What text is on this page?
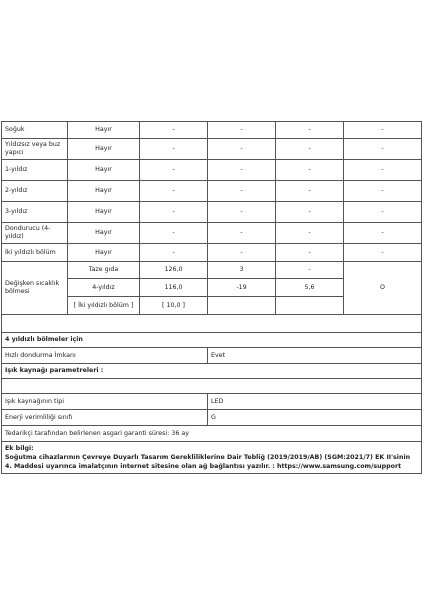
Soğuk	Hayır	-	-	-	-
Yıldızsız veya buz yapıcı	Hayır	-	-	-	-
1-yıldız	Hayır	-	-	-	-
2-yıldız	Hayır	-	-	-	-
3-yıldız	Hayır	-	-	-	-
Dondurucu (4-yıldız)	Hayır	-	-	-	-
İki yıldızlı bölüm	Hayır	-	-	-	-
Değişken sıcaklık bölmesi	Taze gıda	126,0	3	-	O
	4-yıldız	116,0	-19	5,6	
	[ İki yıldızlı bölüm ]	[ 10,0 ]			

4 yıldızlı bölmeler için					
Hızlı dondurma İmkanı			Evet		
Işık kaynağı parametreleri :					

Işık kaynağının tipi			LED		
Enerji verimliliği sınıfı			G		
Tedarikçi tarafından belirlenen asgari garanti süresi: 36 ay					

Ek bilgi:
Soğutma cihazlarının Çevreye Duyarlı Tasarım Gerekliliklerine Dair Tebliğ (2019/2019/AB) (SGM:2021/7) EK II'sinin 4. Maddesi uyarınca imalatçının internet sitesine olan ağ bağlantısı yazılır. : https://www.samsung.com/support					
